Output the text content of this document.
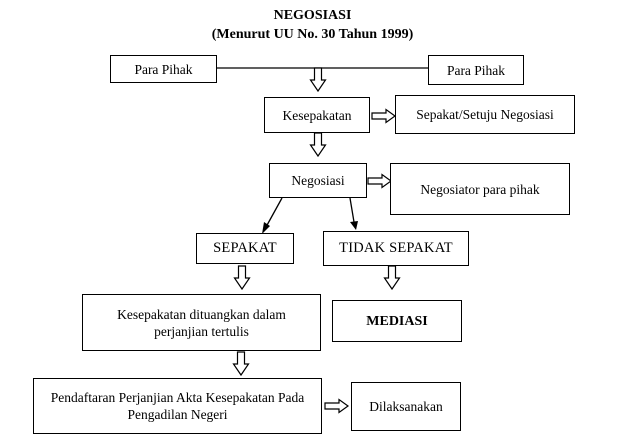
NEGOSIASI
(Menurut UU No. 30 Tahun 1999)
Para Pihak	Para Pihak
Kesepakatan	Sepakat/Setuju Negosiasi
Negosiasi
Negosiator para pihak
SEPAKAT	TIDAK SEPAKAT
Kesepakatan dituangkan dalam perjanjian tertulis
MEDIASI
Pendaftaran Perjanjian Akta Kesepakatan Pada Pengadilan Negeri
Dilaksanakan
